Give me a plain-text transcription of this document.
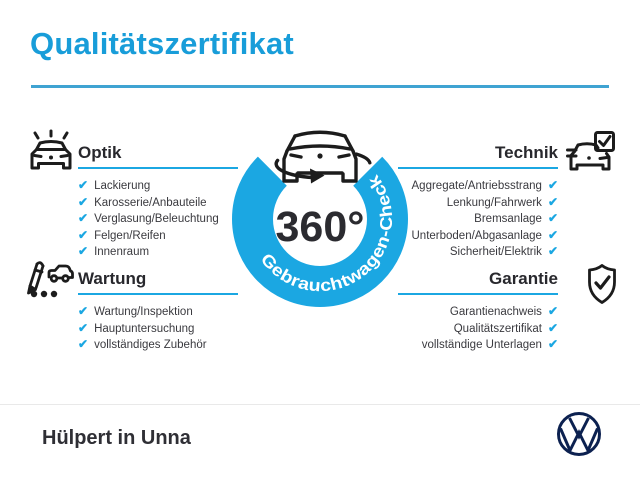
Qualitätszertifikat
Optik
✔ Lackierung
✔ Karosserie/Anbauteile
✔ Verglasung/Beleuchtung
✔ Felgen/Reifen
✔ Innenraum
Technik
Aggregate/Antriebsstrang ✔
Lenkung/Fahrwerk ✔
Bremsanlage ✔
Unterboden/Abgasanlage ✔
Sicherheit/Elektrik ✔
Wartung
✔ Wartung/Inspektion
✔ Hauptuntersuchung
✔ vollständiges Zubehör
Garantie
Garantienachweis ✔
Qualitätszertifikat ✔
vollständige Unterlagen ✔
Gebrauchtwagen-Check
360°
Hülpert in Unna
